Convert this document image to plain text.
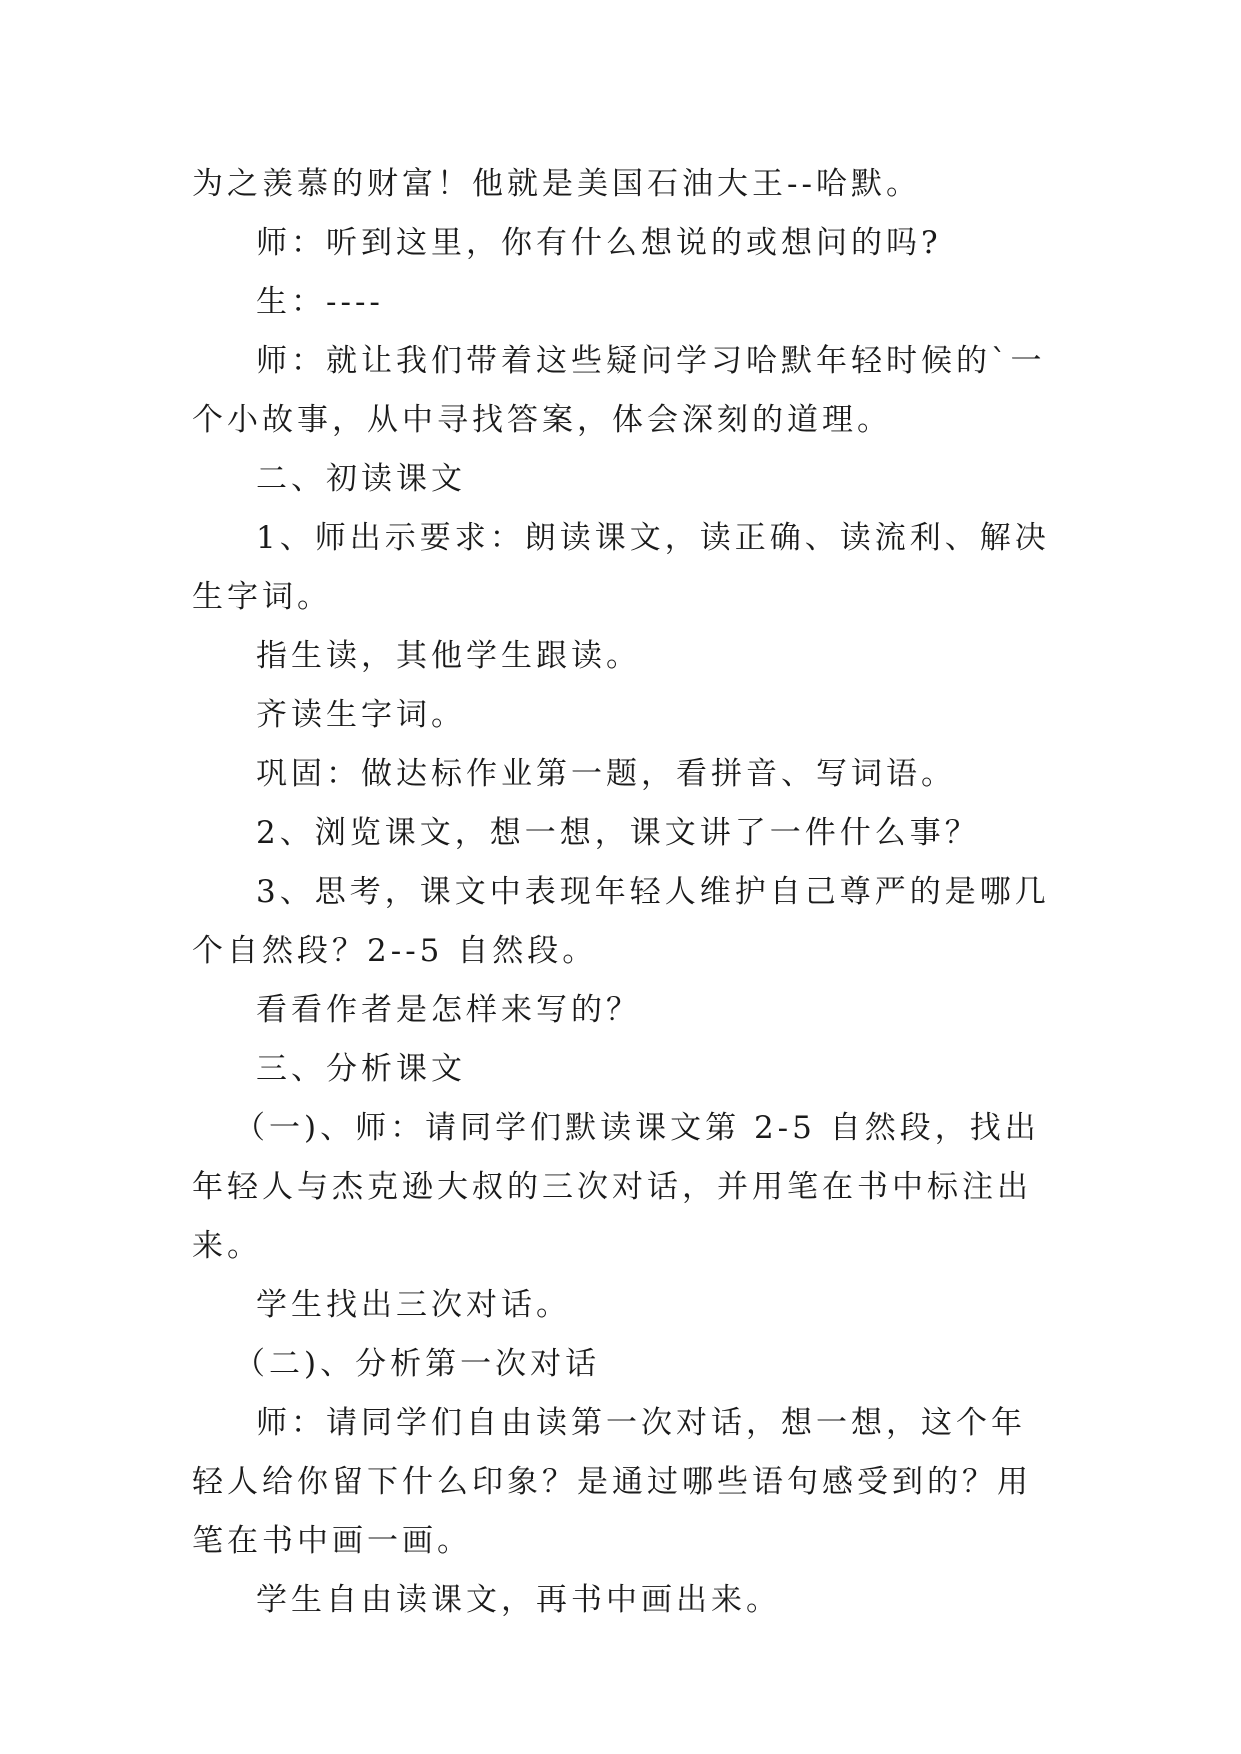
为之羡慕的财富！他就是美国石油大王--哈默。

师：听到这里，你有什么想说的或想问的吗?

生：----

师：就让我们带着这些疑问学习哈默年轻时候的`一个小故事，从中寻找答案，体会深刻的道理。

二、初读课文

1、师出示要求：朗读课文，读正确、读流利、解决生字词。

指生读，其他学生跟读。

齐读生字词。

巩固：做达标作业第一题，看拼音、写词语。

2、浏览课文，想一想，课文讲了一件什么事？

3、思考，课文中表现年轻人维护自己尊严的是哪几个自然段？2--5 自然段。

看看作者是怎样来写的？

三、分析课文

（一)、师：请同学们默读课文第 2-5 自然段，找出年轻人与杰克逊大叔的三次对话，并用笔在书中标注出来。

学生找出三次对话。

（二)、分析第一次对话

师：请同学们自由读第一次对话，想一想，这个年轻人给你留下什么印象？是通过哪些语句感受到的？用笔在书中画一画。

学生自由读课文，再书中画出来。
